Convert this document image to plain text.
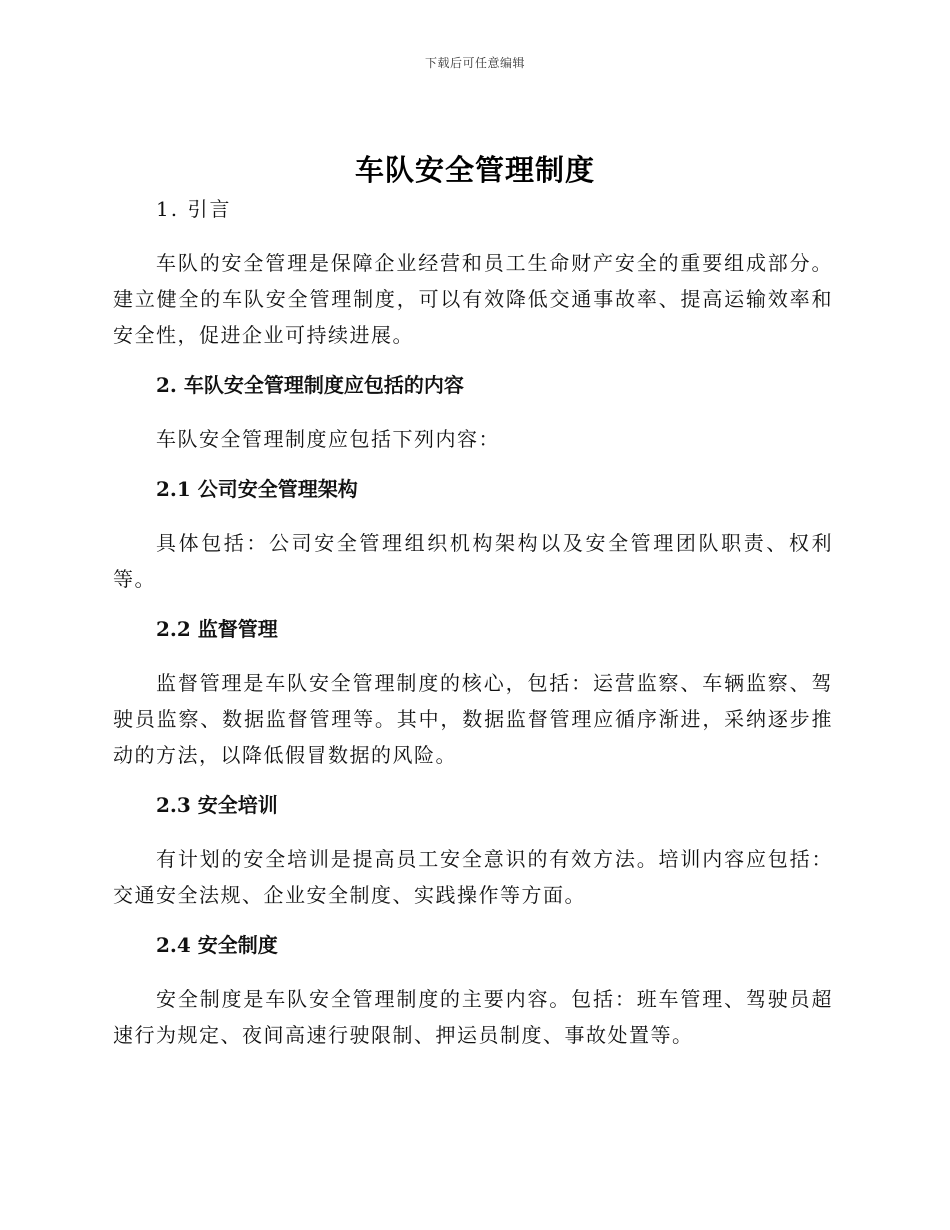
下载后可任意编辑
车队安全管理制度
1. 引言

车队的安全管理是保障企业经营和员工生命财产安全的重要组成部分。建立健全的车队安全管理制度，可以有效降低交通事故率、提高运输效率和安全性，促进企业可持续进展。

2. 车队安全管理制度应包括的内容

车队安全管理制度应包括下列内容：

2.1 公司安全管理架构

具体包括：公司安全管理组织机构架构以及安全管理团队职责、权利等。

2.2 监督管理

监督管理是车队安全管理制度的核心，包括：运营监察、车辆监察、驾驶员监察、数据监督管理等。其中，数据监督管理应循序渐进，采纳逐步推动的方法，以降低假冒数据的风险。

2.3 安全培训

有计划的安全培训是提高员工安全意识的有效方法。培训内容应包括：交通安全法规、企业安全制度、实践操作等方面。

2.4 安全制度

安全制度是车队安全管理制度的主要内容。包括：班车管理、驾驶员超速行为规定、夜间高速行驶限制、押运员制度、事故处置等。
